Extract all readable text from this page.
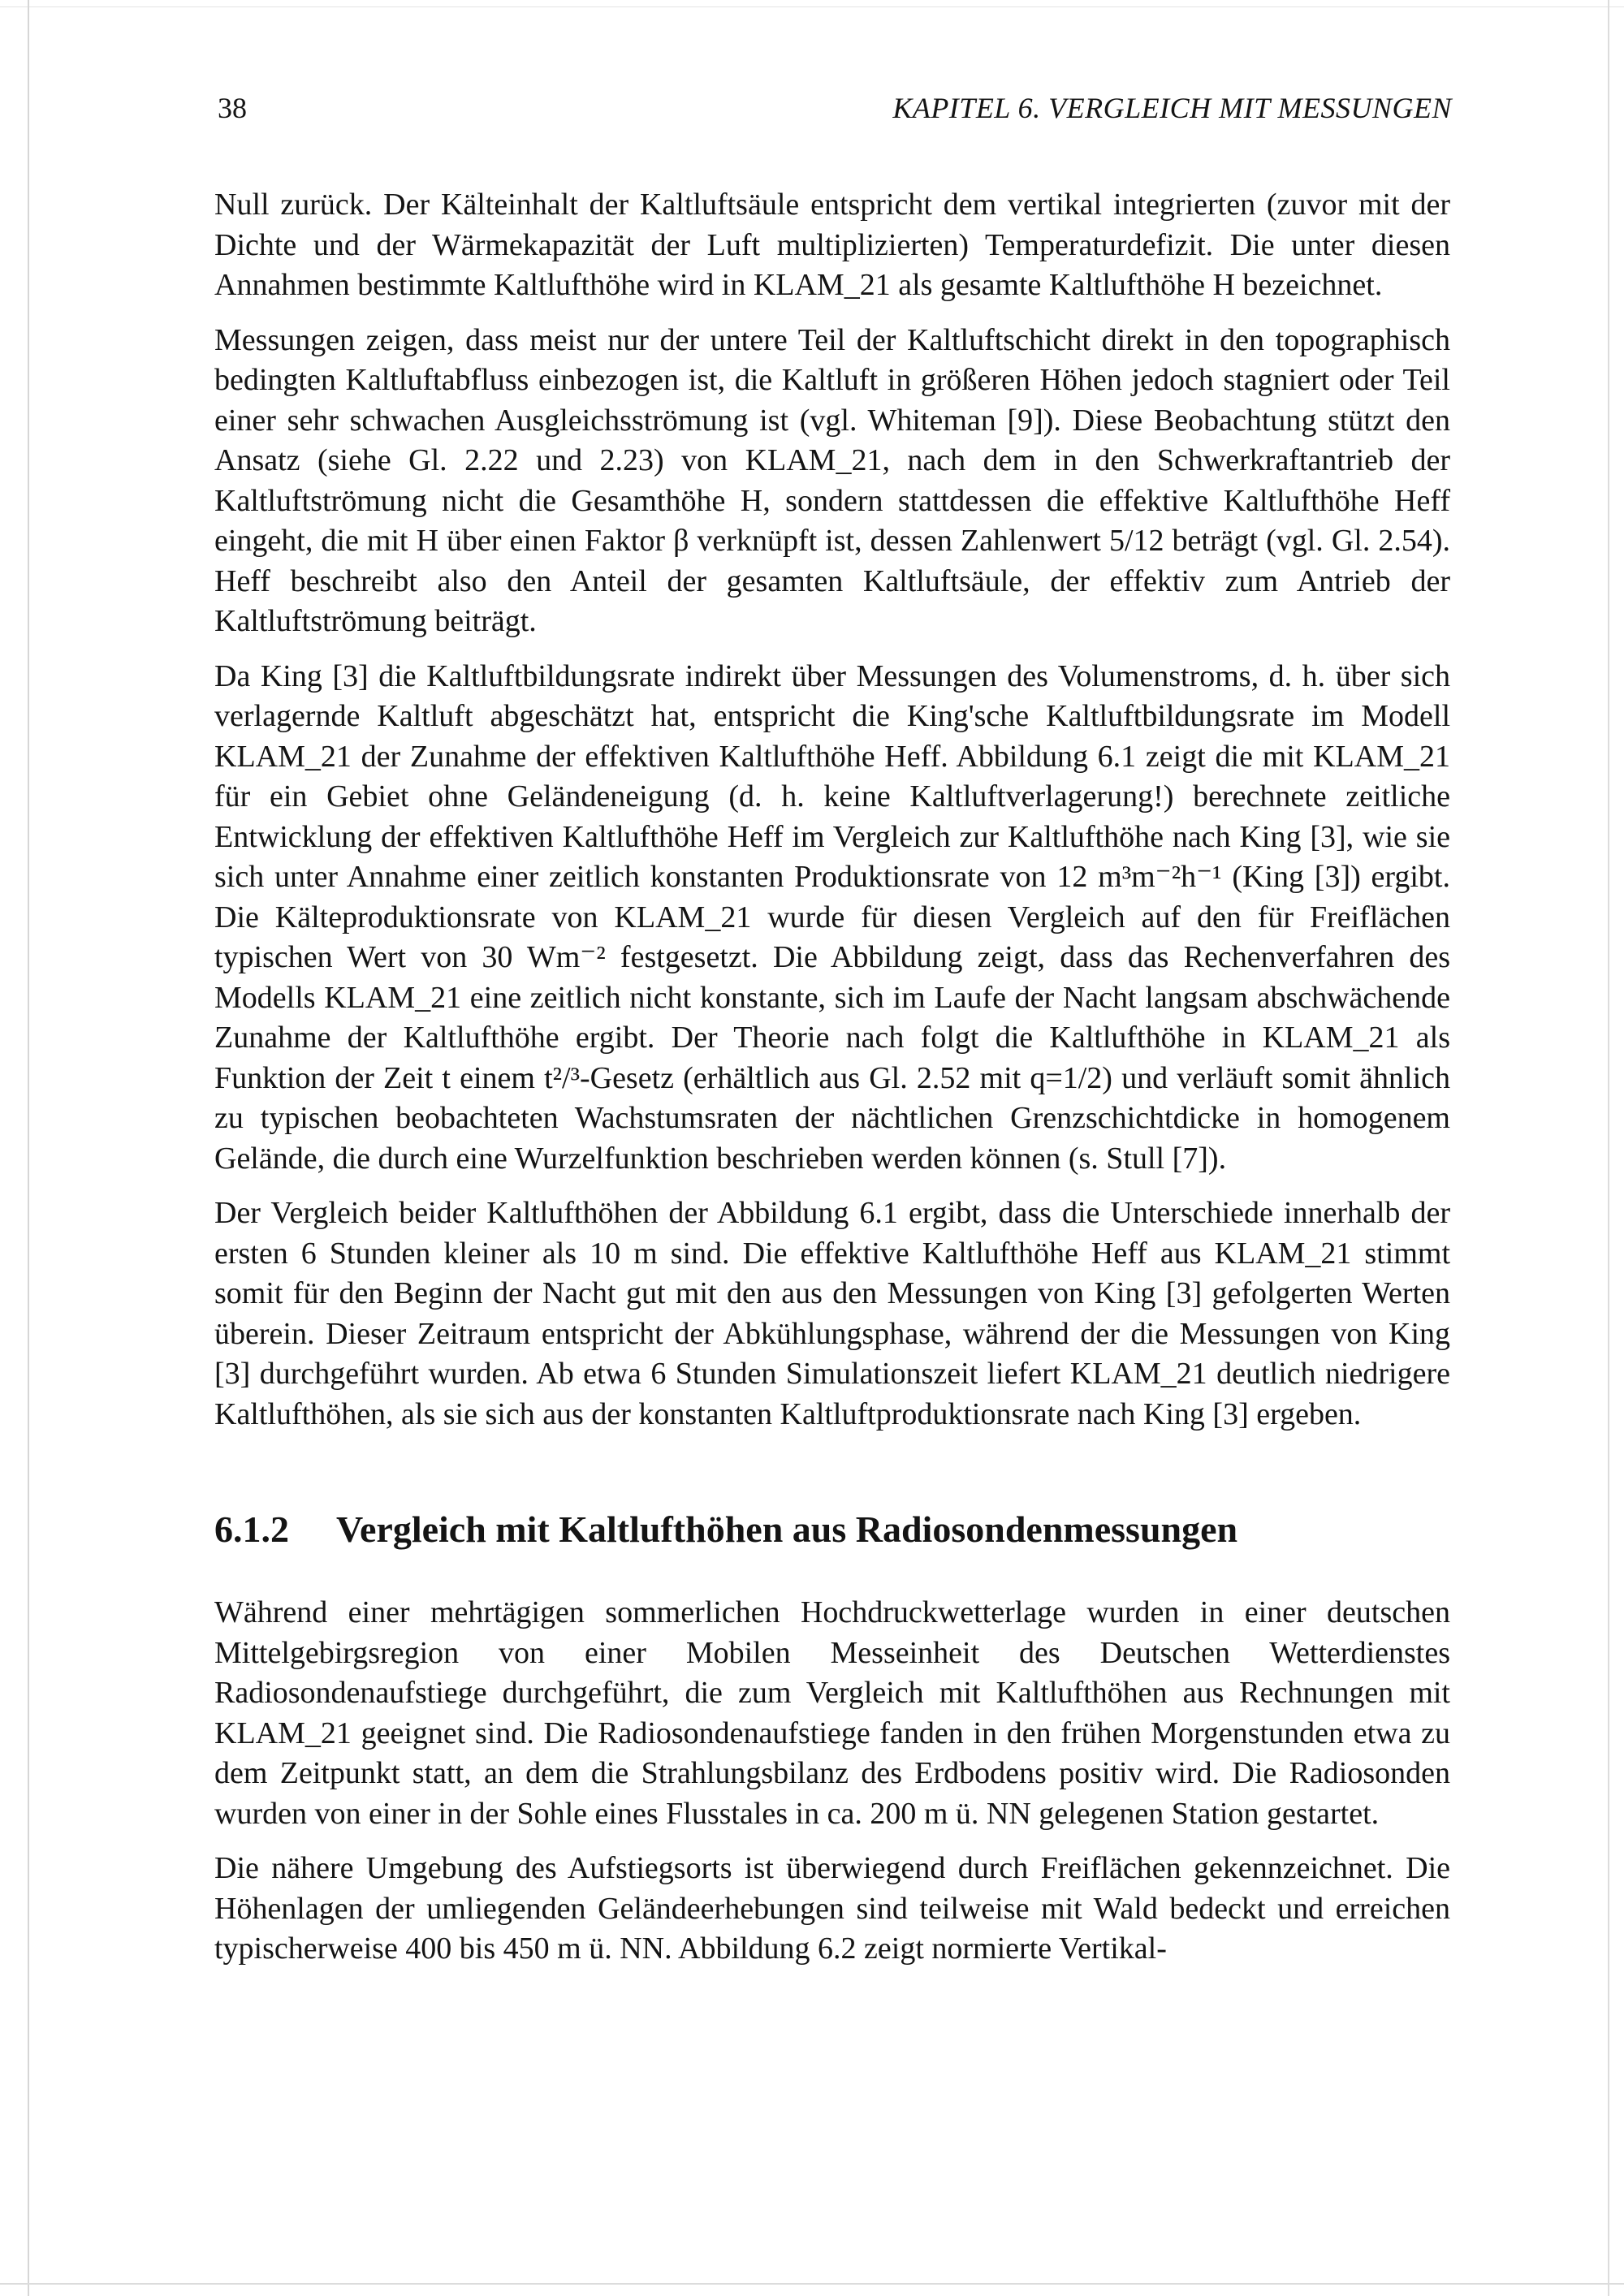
38	KAPITEL 6. VERGLEICH MIT MESSUNGEN

Null zurück. Der Kälteinhalt der Kaltluftsäule entspricht dem vertikal integrierten (zuvor mit der Dichte und der Wärmekapazität der Luft multiplizierten) Temperaturdefizit. Die unter diesen Annahmen bestimmte Kaltlufthöhe wird in KLAM_21 als gesamte Kaltlufthöhe H bezeichnet.

Messungen zeigen, dass meist nur der untere Teil der Kaltluftschicht direkt in den topographisch bedingten Kaltluftabfluss einbezogen ist, die Kaltluft in größeren Höhen jedoch stagniert oder Teil einer sehr schwachen Ausgleichsströmung ist (vgl. Whiteman [9]). Diese Beobachtung stützt den Ansatz (siehe Gl. 2.22 und 2.23) von KLAM_21, nach dem in den Schwerkraftantrieb der Kaltluftströmung nicht die Gesamthöhe H, sondern stattdessen die effektive Kaltlufthöhe Heff eingeht, die mit H über einen Faktor β verknüpft ist, dessen Zahlenwert 5/12 beträgt (vgl. Gl. 2.54). Heff beschreibt also den Anteil der gesamten Kaltluftsäule, der effektiv zum Antrieb der Kaltluftströmung beiträgt.

Da King [3] die Kaltluftbildungsrate indirekt über Messungen des Volumenstroms, d. h. über sich verlagernde Kaltluft abgeschätzt hat, entspricht die King'sche Kaltluftbildungsrate im Modell KLAM_21 der Zunahme der effektiven Kaltlufthöhe Heff. Abbildung 6.1 zeigt die mit KLAM_21 für ein Gebiet ohne Geländeneigung (d. h. keine Kaltluftverlagerung!) berechnete zeitliche Entwicklung der effektiven Kaltlufthöhe Heff im Vergleich zur Kaltlufthöhe nach King [3], wie sie sich unter Annahme einer zeitlich konstanten Produktionsrate von 12 m³m⁻²h⁻¹ (King [3]) ergibt. Die Kälteproduktionsrate von KLAM_21 wurde für diesen Vergleich auf den für Freiflächen typischen Wert von 30 Wm⁻² festgesetzt. Die Abbildung zeigt, dass das Rechenverfahren des Modells KLAM_21 eine zeitlich nicht konstante, sich im Laufe der Nacht langsam abschwächende Zunahme der Kaltlufthöhe ergibt. Der Theorie nach folgt die Kaltlufthöhe in KLAM_21 als Funktion der Zeit t einem t²/³-Gesetz (erhältlich aus Gl. 2.52 mit q=1/2) und verläuft somit ähnlich zu typischen beobachteten Wachstumsraten der nächtlichen Grenzschichtdicke in homogenem Gelände, die durch eine Wurzelfunktion beschrieben werden können (s. Stull [7]).

Der Vergleich beider Kaltlufthöhen der Abbildung 6.1 ergibt, dass die Unterschiede innerhalb der ersten 6 Stunden kleiner als 10 m sind. Die effektive Kaltlufthöhe Heff aus KLAM_21 stimmt somit für den Beginn der Nacht gut mit den aus den Messungen von King [3] gefolgerten Werten überein. Dieser Zeitraum entspricht der Abkühlungsphase, während der die Messungen von King [3] durchgeführt wurden. Ab etwa 6 Stunden Simulationszeit liefert KLAM_21 deutlich niedrigere Kaltlufthöhen, als sie sich aus der konstanten Kaltluftproduktionsrate nach King [3] ergeben.

6.1.2 Vergleich mit Kaltlufthöhen aus Radiosondenmessungen

Während einer mehrtägigen sommerlichen Hochdruckwetterlage wurden in einer deutschen Mittelgebirgsregion von einer Mobilen Messeinheit des Deutschen Wetterdienstes Radiosondenaufstiege durchgeführt, die zum Vergleich mit Kaltlufthöhen aus Rechnungen mit KLAM_21 geeignet sind. Die Radiosondenaufstiege fanden in den frühen Morgenstunden etwa zu dem Zeitpunkt statt, an dem die Strahlungsbilanz des Erdbodens positiv wird. Die Radiosonden wurden von einer in der Sohle eines Flusstales in ca. 200 m ü. NN gelegenen Station gestartet.

Die nähere Umgebung des Aufstiegsorts ist überwiegend durch Freiflächen gekennzeichnet. Die Höhenlagen der umliegenden Geländeerhebungen sind teilweise mit Wald bedeckt und erreichen typischerweise 400 bis 450 m ü. NN. Abbildung 6.2 zeigt normierte Vertikal-
